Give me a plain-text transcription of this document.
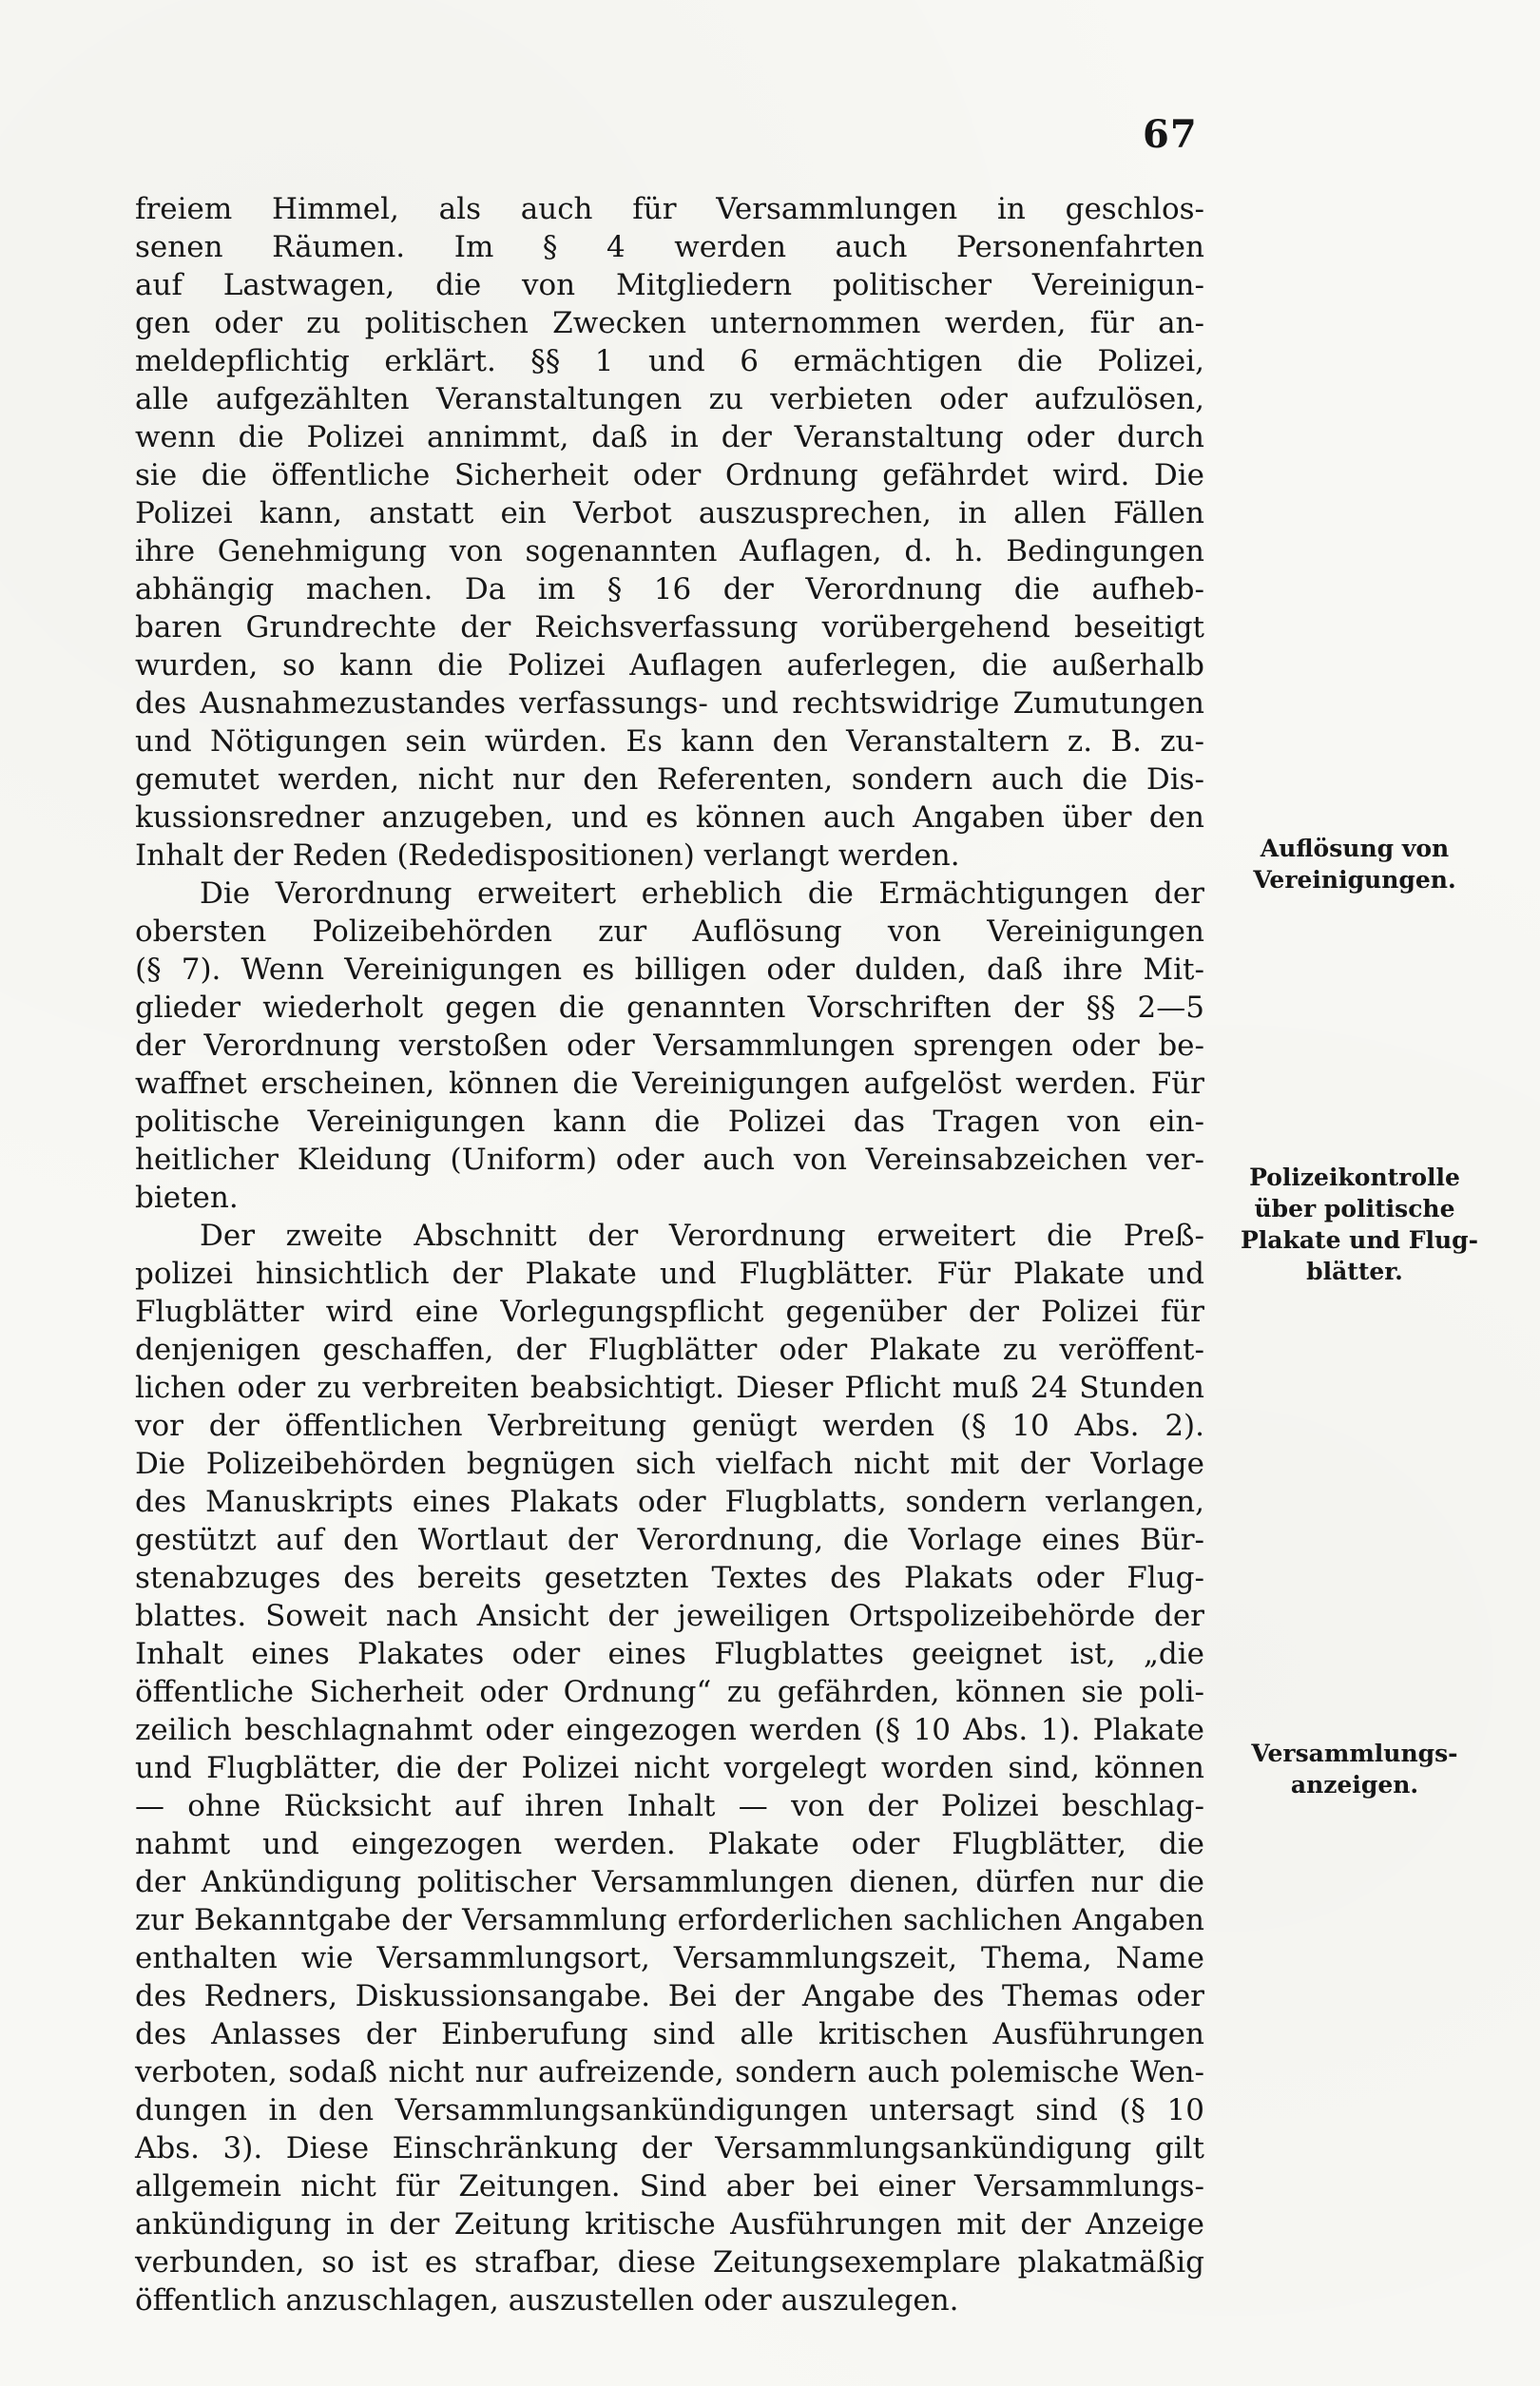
67
freiem Himmel, als auch für Versammlungen in geschlos-
senen Räumen. Im § 4 werden auch Personenfahrten
auf Lastwagen, die von Mitgliedern politischer Vereinigun-
gen oder zu politischen Zwecken unternommen werden, für an-
meldepflichtig erklärt. §§ 1 und 6 ermächtigen die Polizei,
alle aufgezählten Veranstaltungen zu verbieten oder aufzulösen,
wenn die Polizei annimmt, daß in der Veranstaltung oder durch
sie die öffentliche Sicherheit oder Ordnung gefährdet wird. Die
Polizei kann, anstatt ein Verbot auszusprechen, in allen Fällen
ihre Genehmigung von sogenannten Auflagen, d. h. Bedingungen
abhängig machen. Da im § 16 der Verordnung die aufheb-
baren Grundrechte der Reichsverfassung vorübergehend beseitigt
wurden, so kann die Polizei Auflagen auferlegen, die außerhalb
des Ausnahmezustandes verfassungs- und rechtswidrige Zumutungen
und Nötigungen sein würden. Es kann den Veranstaltern z. B. zu-
gemutet werden, nicht nur den Referenten, sondern auch die Dis-
kussionsredner anzugeben, und es können auch Angaben über den
Inhalt der Reden (Rededispositionen) verlangt werden.
Die Verordnung erweitert erheblich die Ermächtigungen der
obersten Polizeibehörden zur Auflösung von Vereinigungen
(§ 7). Wenn Vereinigungen es billigen oder dulden, daß ihre Mit-
glieder wiederholt gegen die genannten Vorschriften der §§ 2—5
der Verordnung verstoßen oder Versammlungen sprengen oder be-
waffnet erscheinen, können die Vereinigungen aufgelöst werden. Für
politische Vereinigungen kann die Polizei das Tragen von ein-
heitlicher Kleidung (Uniform) oder auch von Vereinsabzeichen ver-
bieten.
Der zweite Abschnitt der Verordnung erweitert die Preß-
polizei hinsichtlich der Plakate und Flugblätter. Für Plakate und
Flugblätter wird eine Vorlegungspflicht gegenüber der Polizei für
denjenigen geschaffen, der Flugblätter oder Plakate zu veröffent-
lichen oder zu verbreiten beabsichtigt. Dieser Pflicht muß 24 Stunden
vor der öffentlichen Verbreitung genügt werden (§ 10 Abs. 2).
Die Polizeibehörden begnügen sich vielfach nicht mit der Vorlage
des Manuskripts eines Plakats oder Flugblatts, sondern verlangen,
gestützt auf den Wortlaut der Verordnung, die Vorlage eines Bür-
stenabzuges des bereits gesetzten Textes des Plakats oder Flug-
blattes. Soweit nach Ansicht der jeweiligen Ortspolizeibehörde der
Inhalt eines Plakates oder eines Flugblattes geeignet ist, „die
öffentliche Sicherheit oder Ordnung“ zu gefährden, können sie poli-
zeilich beschlagnahmt oder eingezogen werden (§ 10 Abs. 1). Plakate
und Flugblätter, die der Polizei nicht vorgelegt worden sind, können
— ohne Rücksicht auf ihren Inhalt — von der Polizei beschlag-
nahmt und eingezogen werden. Plakate oder Flugblätter, die
der Ankündigung politischer Versammlungen dienen, dürfen nur die
zur Bekanntgabe der Versammlung erforderlichen sachlichen Angaben
enthalten wie Versammlungsort, Versammlungszeit, Thema, Name
des Redners, Diskussionsangabe. Bei der Angabe des Themas oder
des Anlasses der Einberufung sind alle kritischen Ausführungen
verboten, sodaß nicht nur aufreizende, sondern auch polemische Wen-
dungen in den Versammlungsankündigungen untersagt sind (§ 10
Abs. 3). Diese Einschränkung der Versammlungsankündigung gilt
allgemein nicht für Zeitungen. Sind aber bei einer Versammlungs-
ankündigung in der Zeitung kritische Ausführungen mit der Anzeige
verbunden, so ist es strafbar, diese Zeitungsexemplare plakatmäßig
öffentlich anzuschlagen, auszustellen oder auszulegen.
Auflösung von
Vereinigungen.
Polizeikontrolle
über politische
Plakate und Flug-
blätter.
Versammlungs-
anzeigen.
